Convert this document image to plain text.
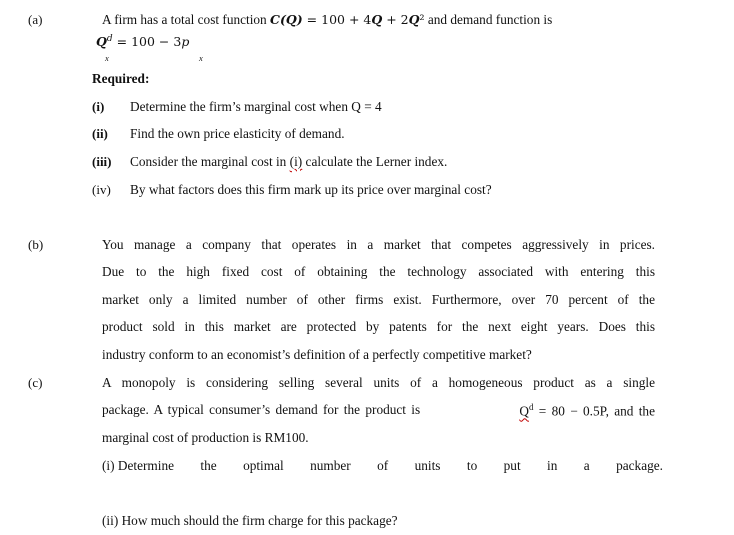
(a)	A firm has a total cost function C(Q) = 100 + 4Q + 2Q² and demand function is
$Q^d = 100 - 3p$
x	x
Required:
(i) Determine the firm’s marginal cost when Q = 4
(ii) Find the own price elasticity of demand.
(iii) Consider the marginal cost in (i) calculate the Lerner index.
(iv) By what factors does this firm mark up its price over marginal cost?
(b)	You manage a company that operates in a market that competes aggressively in prices.
Due to the high fixed cost of obtaining the technology associated with entering this
market only a limited number of other firms exist. Furthermore, over 70 percent of the
product sold in this market are protected by patents for the next eight years. Does this
industry conform to an economist’s definition of a perfectly competitive market?
(c)	A monopoly is considering selling several units of a homogeneous product as a single
package. A typical consumer’s demand for the product is	$Q^d = 80 - 0.5P$, and the
marginal cost of production is RM100.
(i) Determine the optimal number of units to put in a package.
(ii) How much should the firm charge for this package?
